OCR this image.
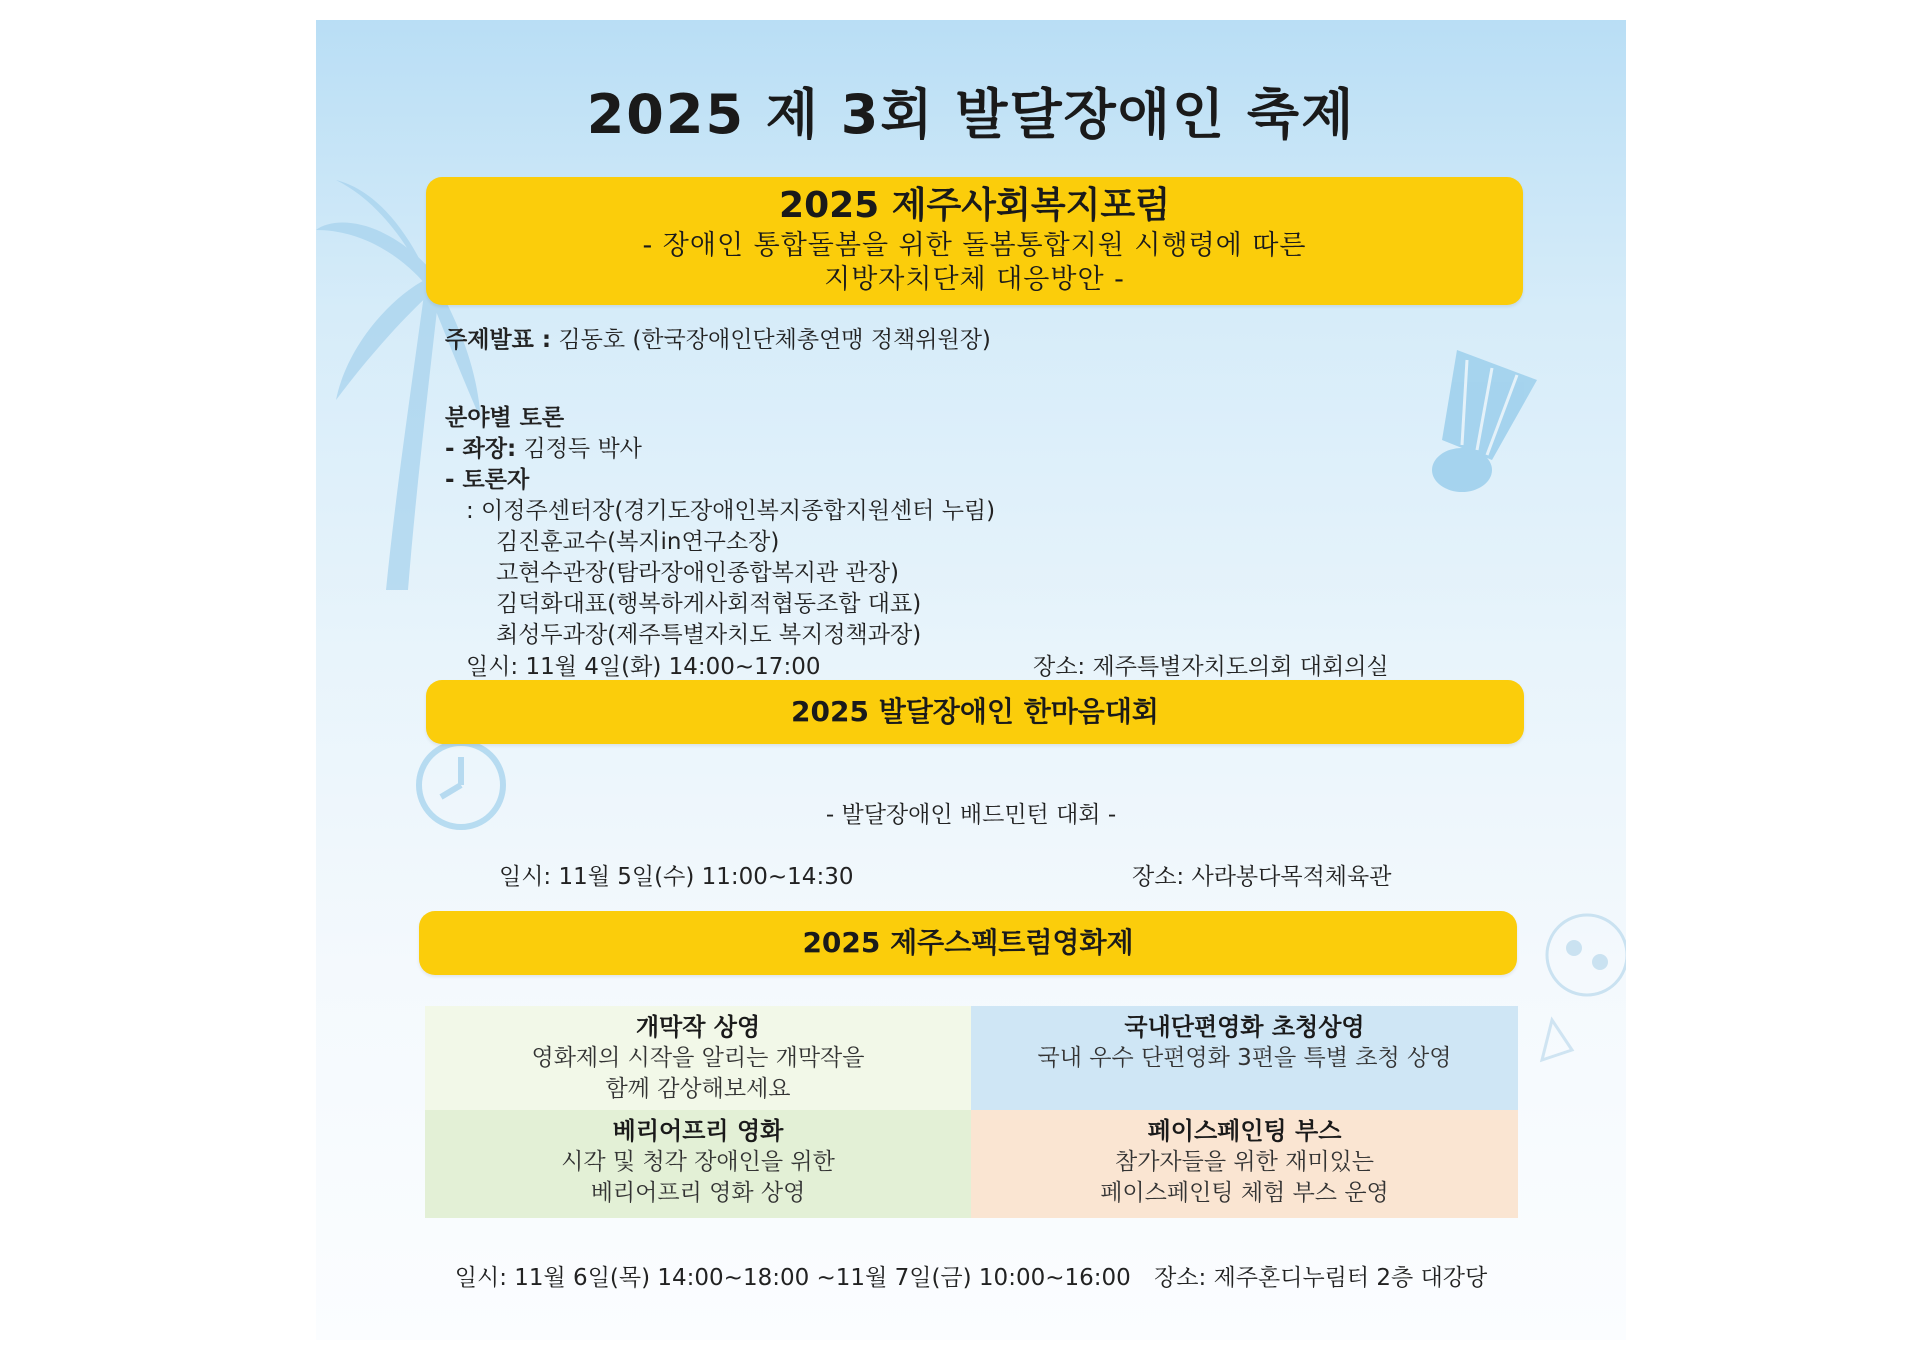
2025 제 3회 발달장애인 축제
2025 제주사회복지포럼
- 장애인 통합돌봄을 위한 돌봄통합지원 시행령에 따른
지방자치단체 대응방안 -
주제발표 : 김동호 (한국장애인단체총연맹 정책위원장)
분야별 토론
- 좌장: 김정득 박사
- 토론자
: 이정주센터장(경기도장애인복지종합지원센터 누림)
김진훈교수(복지in연구소장)
고현수관장(탐라장애인종합복지관 관장)
김덕화대표(행복하게사회적협동조합 대표)
최성두과장(제주특별자치도 복지정책과장)
일시: 11월 4일(화) 14:00~17:00	장소: 제주특별자치도의회 대회의실
2025 발달장애인 한마음대회
- 발달장애인 배드민턴 대회 -
일시: 11월 5일(수) 11:00~14:30	장소: 사라봉다목적체육관
2025 제주스펙트럼영화제
개막작 상영
영화제의 시작을 알리는 개막작을
함께 감상해보세요
국내단편영화 초청상영
국내 우수 단편영화 3편을 특별 초청 상영
베리어프리 영화
시각 및 청각 장애인을 위한
베리어프리 영화 상영
페이스페인팅 부스
참가자들을 위한 재미있는
페이스페인팅 체험 부스 운영
일시: 11월 6일(목) 14:00~18:00 ~11월 7일(금) 10:00~16:00 장소: 제주혼디누림터 2층 대강당
